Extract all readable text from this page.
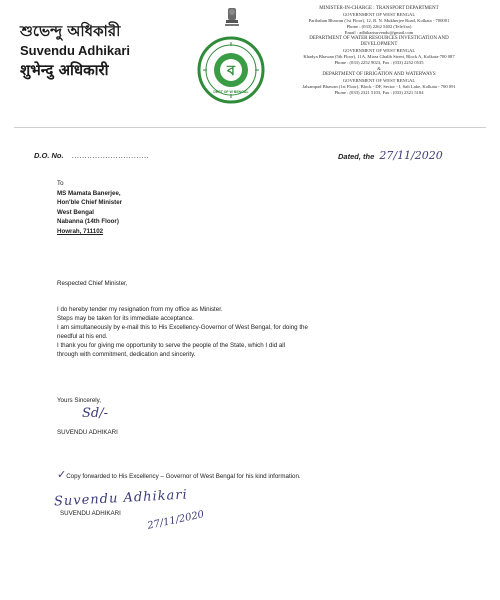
শুভেন্দু অধিকারী
Suvendu Adhikari
शुभेन्दु अधिकारी	ব
DEPT OF W BENGAL
MINISTER-IN-CHARGE : TRANSPORT DEPARTMENT
GOVERNMENT OF WEST BENGAL
Paribahan Bhawan (1st Floor), 12, R. N. Mukherjee Road, Kolkata - 700001
Phone : (033) 2262 5402 (Tele/fax)
Email : adhikarisuvendu@gmail.com
DEPARTMENT OF WATER RESOURCES INVESTIGATION AND
DEVELOPMENT
GOVERNMENT OF WEST BENGAL
Khadya Bhawan (5th Floor), 11A, Mirza Ghalib Street, Block A, Kolkata-700 087
Phone : (033) 2252 9023, Fax : (033) 2252 0535
&
DEPARTMENT OF IRRIGATION AND WATERWAYS
GOVERNMENT OF WEST BENGAL
Jalsampad Bhawan (1st Floor), Block - DF, Sector - I, Salt Lake, Kolkata - 700 091
Phone : (033) 2321 5103, Fax : (033) 2321 5184
D.O. No. ..............................	Dated, the 27/11/2020
To
MS Mamata Banerjee,
Hon'ble Chief Minister
West Bengal
Nabanna (14th Floor)
Howrah, 711102
Respected Chief Minister,
I do hereby tender my resignation from my office as Minister.
Steps may be taken for its immediate acceptance.
I am simultaneously by e-mail this to His Excellency-Governor of West Bengal, for doing the
needful at his end.
I thank you for giving me opportunity to serve the people of the State, which I did all
through with commitment, dedication and sincerity.
Yours Sincerely,
Sd/-
SUVENDU ADHIKARI
✓Copy forwarded to His Excellency – Governor of West Bengal for his kind information.
Suvendu Adhikari
SUVENDU ADHIKARI	27/11/2020
